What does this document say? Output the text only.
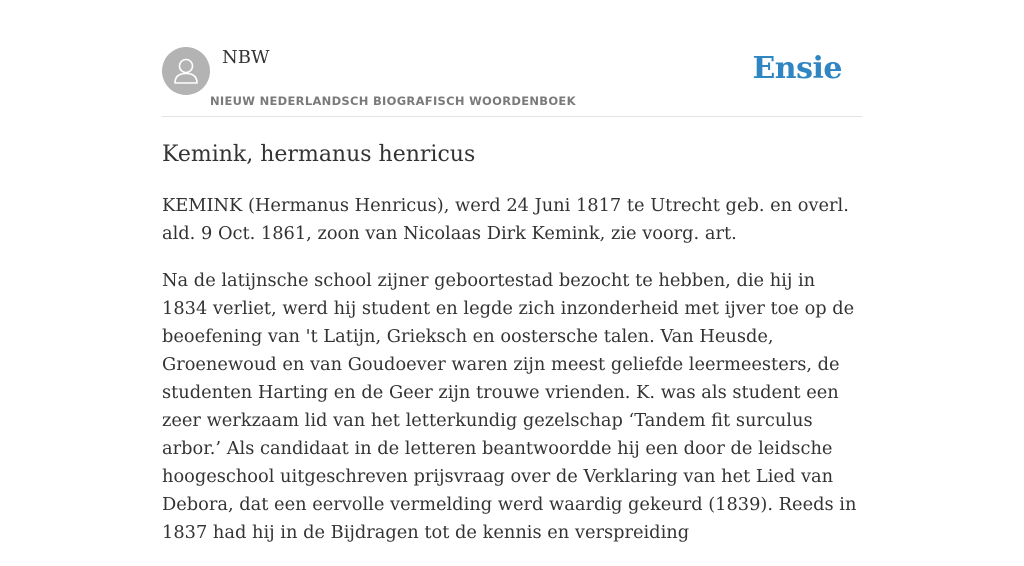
NBW
NIEUW NEDERLANDSCH BIOGRAFISCH WOORDENBOEK
Ensie
Kemink, hermanus henricus

KEMINK (Hermanus Henricus), werd 24 Juni 1817 te Utrecht geb. en overl. ald. 9 Oct. 1861, zoon van Nicolaas Dirk Kemink, zie voorg. art.

Na de latijnsche school zijner geboortestad bezocht te hebben, die hij in 1834 verliet, werd hij student en legde zich inzonderheid met ijver toe op de beoefening van 't Latijn, Grieksch en oostersche talen. Van Heusde, Groenewoud en van Goudoever waren zijn meest geliefde leermeesters, de studenten Harting en de Geer zijn trouwe vrienden. K. was als student een zeer werkzaam lid van het letterkundig gezelschap ‘Tandem fit surculus arbor.’ Als candidaat in de letteren beantwoordde hij een door de leidsche hoogeschool uitgeschreven prijsvraag over de Verklaring van het Lied van Debora, dat een eervolle vermelding werd waardig gekeurd (1839). Reeds in 1837 had hij in de Bijdragen tot de kennis en verspreiding
